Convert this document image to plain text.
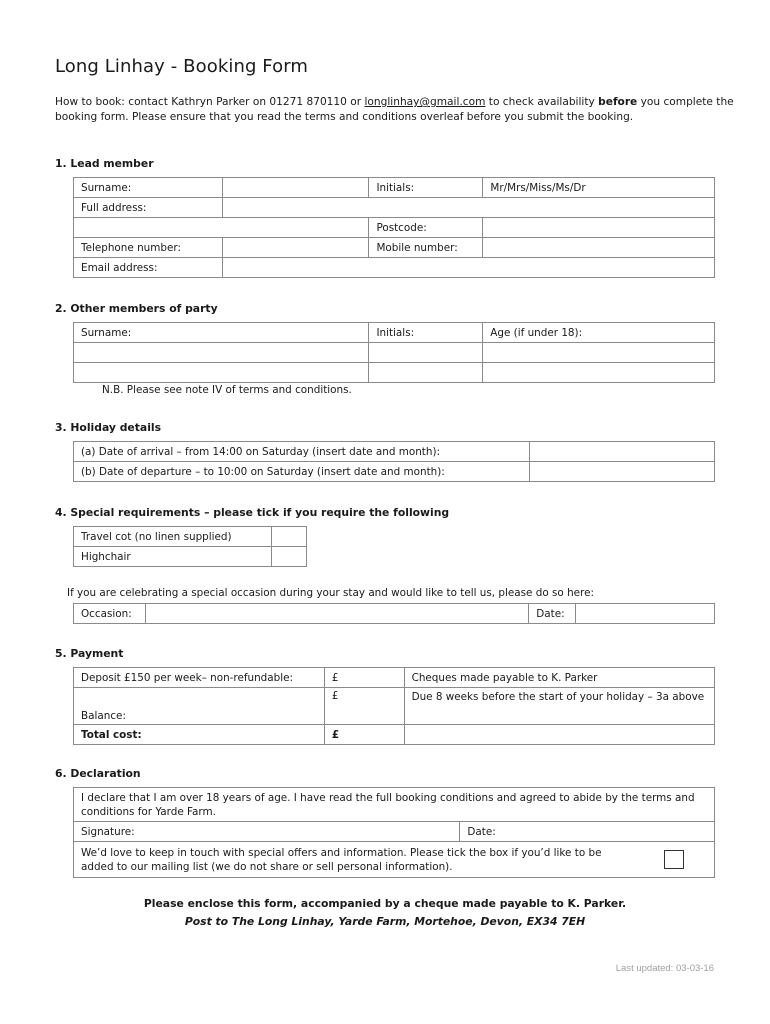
Long Linhay - Booking Form
How to book: contact Kathryn Parker on 01271 870110 or longlinhay@gmail.com to check availability before you complete the booking form. Please ensure that you read the terms and conditions overleaf before you submit the booking.
1. Lead member
Surname:		Initials:	Mr/Mrs/Miss/Ms/Dr
Full address:			
		Postcode:	
Telephone number:		Mobile number:	
Email address:			
2. Other members of party
Surname:	Initials:	Age (if under 18):

N.B. Please see note IV of terms and conditions.
3. Holiday details
(a) Date of arrival – from 14:00 on Saturday (insert date and month):	
(b) Date of departure – to 10:00 on Saturday (insert date and month):	
4. Special requirements – please tick if you require the following
Travel cot (no linen supplied)	
Highchair	
If you are celebrating a special occasion during your stay and would like to tell us, please do so here:
Occasion:		Date:	
5. Payment
Deposit £150 per week– non-refundable:	£	Cheques made payable to K. Parker
Balance:	£	Due 8 weeks before the start of your holiday – 3a above
Total cost:	£	
6. Declaration
I declare that I am over 18 years of age. I have read the full booking conditions and agreed to abide by the terms and conditions for Yarde Farm.
Signature:	Date:

We’d love to keep in touch with special offers and information. Please tick the box if you’d like to be added to our mailing list (we do not share or sell personal information).
Please enclose this form, accompanied by a cheque made payable to K. Parker.
Post to The Long Linhay, Yarde Farm, Mortehoe, Devon, EX34 7EH
Last updated: 03-03-16
